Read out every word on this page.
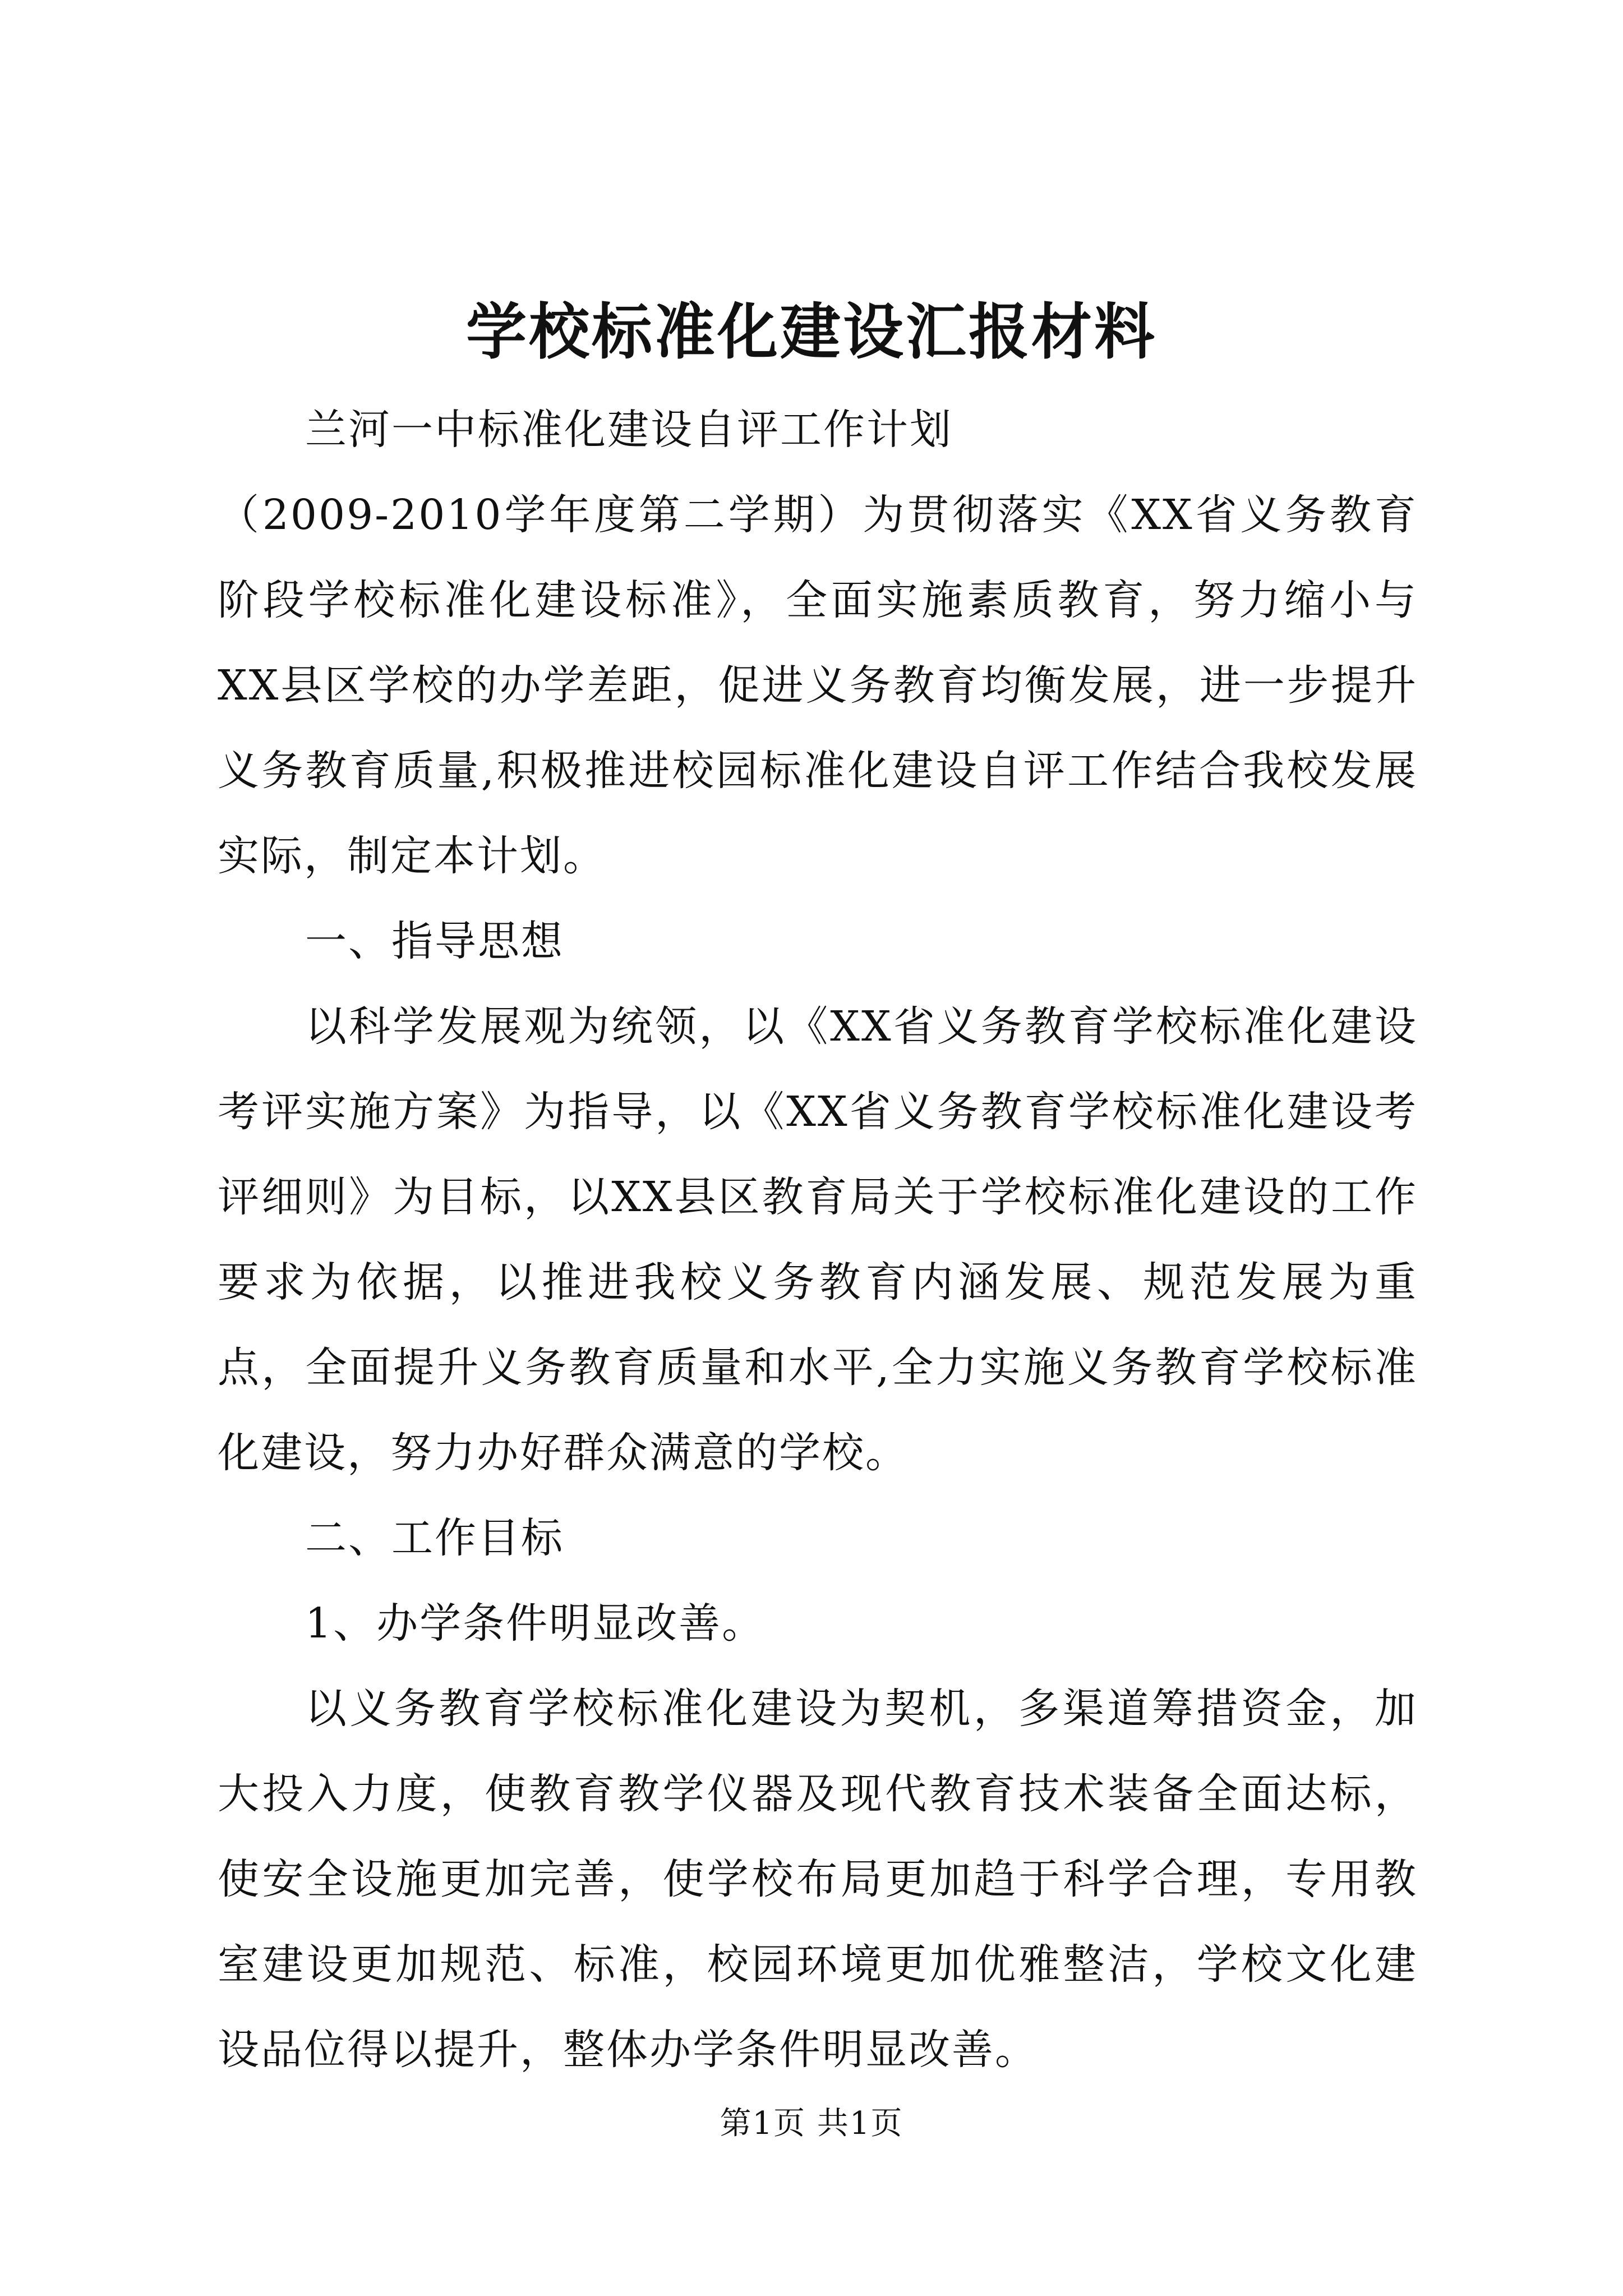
学校标准化建设汇报材料

兰河一中标准化建设自评工作计划

（2009-2010学年度第二学期）为贯彻落实《XX省义务教育阶段学校标准化建设标准》，全面实施素质教育，努力缩小与XX县区学校的办学差距，促进义务教育均衡发展，进一步提升义务教育质量,积极推进校园标准化建设自评工作结合我校发展实际，制定本计划。

一、指导思想

以科学发展观为统领，以《XX省义务教育学校标准化建设考评实施方案》为指导，以《XX省义务教育学校标准化建设考评细则》为目标，以XX县区教育局关于学校标准化建设的工作要求为依据，以推进我校义务教育内涵发展、规范发展为重点，全面提升义务教育质量和水平,全力实施义务教育学校标准化建设，努力办好群众满意的学校。

二、工作目标

1、办学条件明显改善。

以义务教育学校标准化建设为契机，多渠道筹措资金，加大投入力度，使教育教学仪器及现代教育技术装备全面达标，使安全设施更加完善，使学校布局更加趋于科学合理，专用教室建设更加规范、标准，校园环境更加优雅整洁，学校文化建设品位得以提升，整体办学条件明显改善。

第1页 共1页
